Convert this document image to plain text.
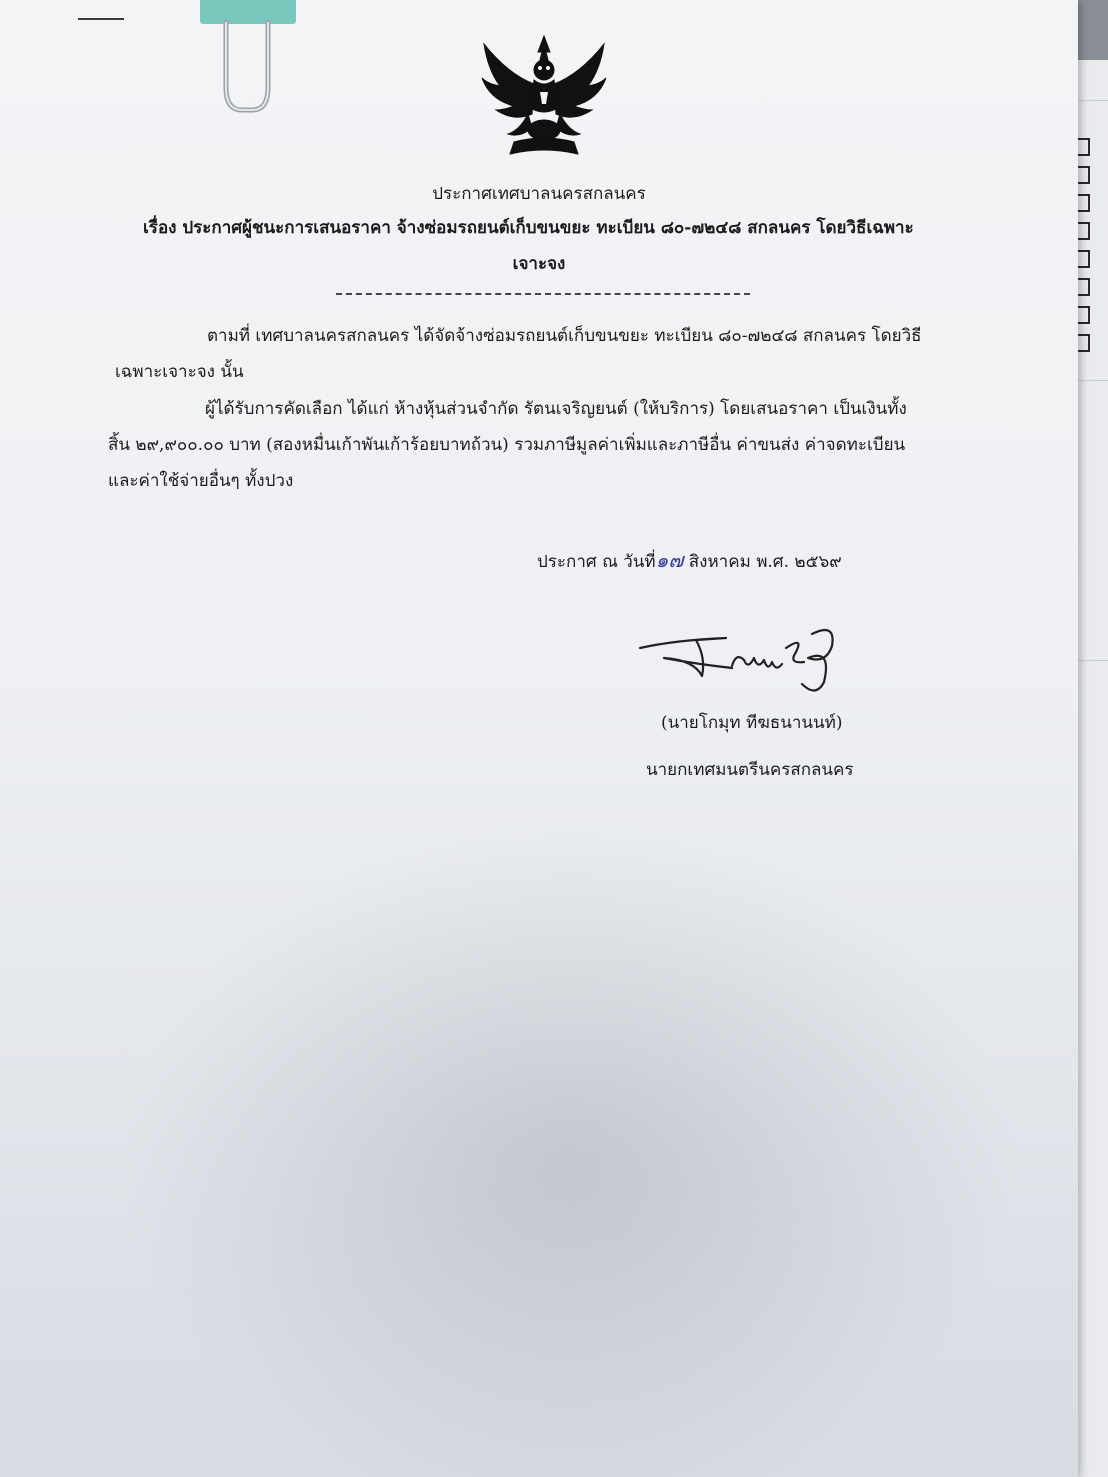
ประกาศเทศบาลนครสกลนคร
เรื่อง ประกาศผู้ชนะการเสนอราคา จ้างซ่อมรถยนต์เก็บขนขยะ ทะเบียน ๘๐-๗๒๔๘ สกลนคร โดยวิธีเฉพาะ
เจาะจง
ตามที่ เทศบาลนครสกลนคร ได้จัดจ้างซ่อมรถยนต์เก็บขนขยะ ทะเบียน ๘๐-๗๒๔๘ สกลนคร โดยวิธี
เฉพาะเจาะจง นั้น
ผู้ได้รับการคัดเลือก ได้แก่ ห้างหุ้นส่วนจำกัด รัตนเจริญยนต์ (ให้บริการ) โดยเสนอราคา เป็นเงินทั้ง
สิ้น ๒๙,๙๐๐.๐๐ บาท (สองหมื่นเก้าพันเก้าร้อยบาทถ้วน) รวมภาษีมูลค่าเพิ่มและภาษีอื่น ค่าขนส่ง ค่าจดทะเบียน
และค่าใช้จ่ายอื่นๆ ทั้งปวง
ประกาศ ณ วันที่๑๗ สิงหาคม พ.ศ. ๒๕๖๙
(นายโกมุท ทีฆธนานนท์)
นายกเทศมนตรีนครสกลนคร
